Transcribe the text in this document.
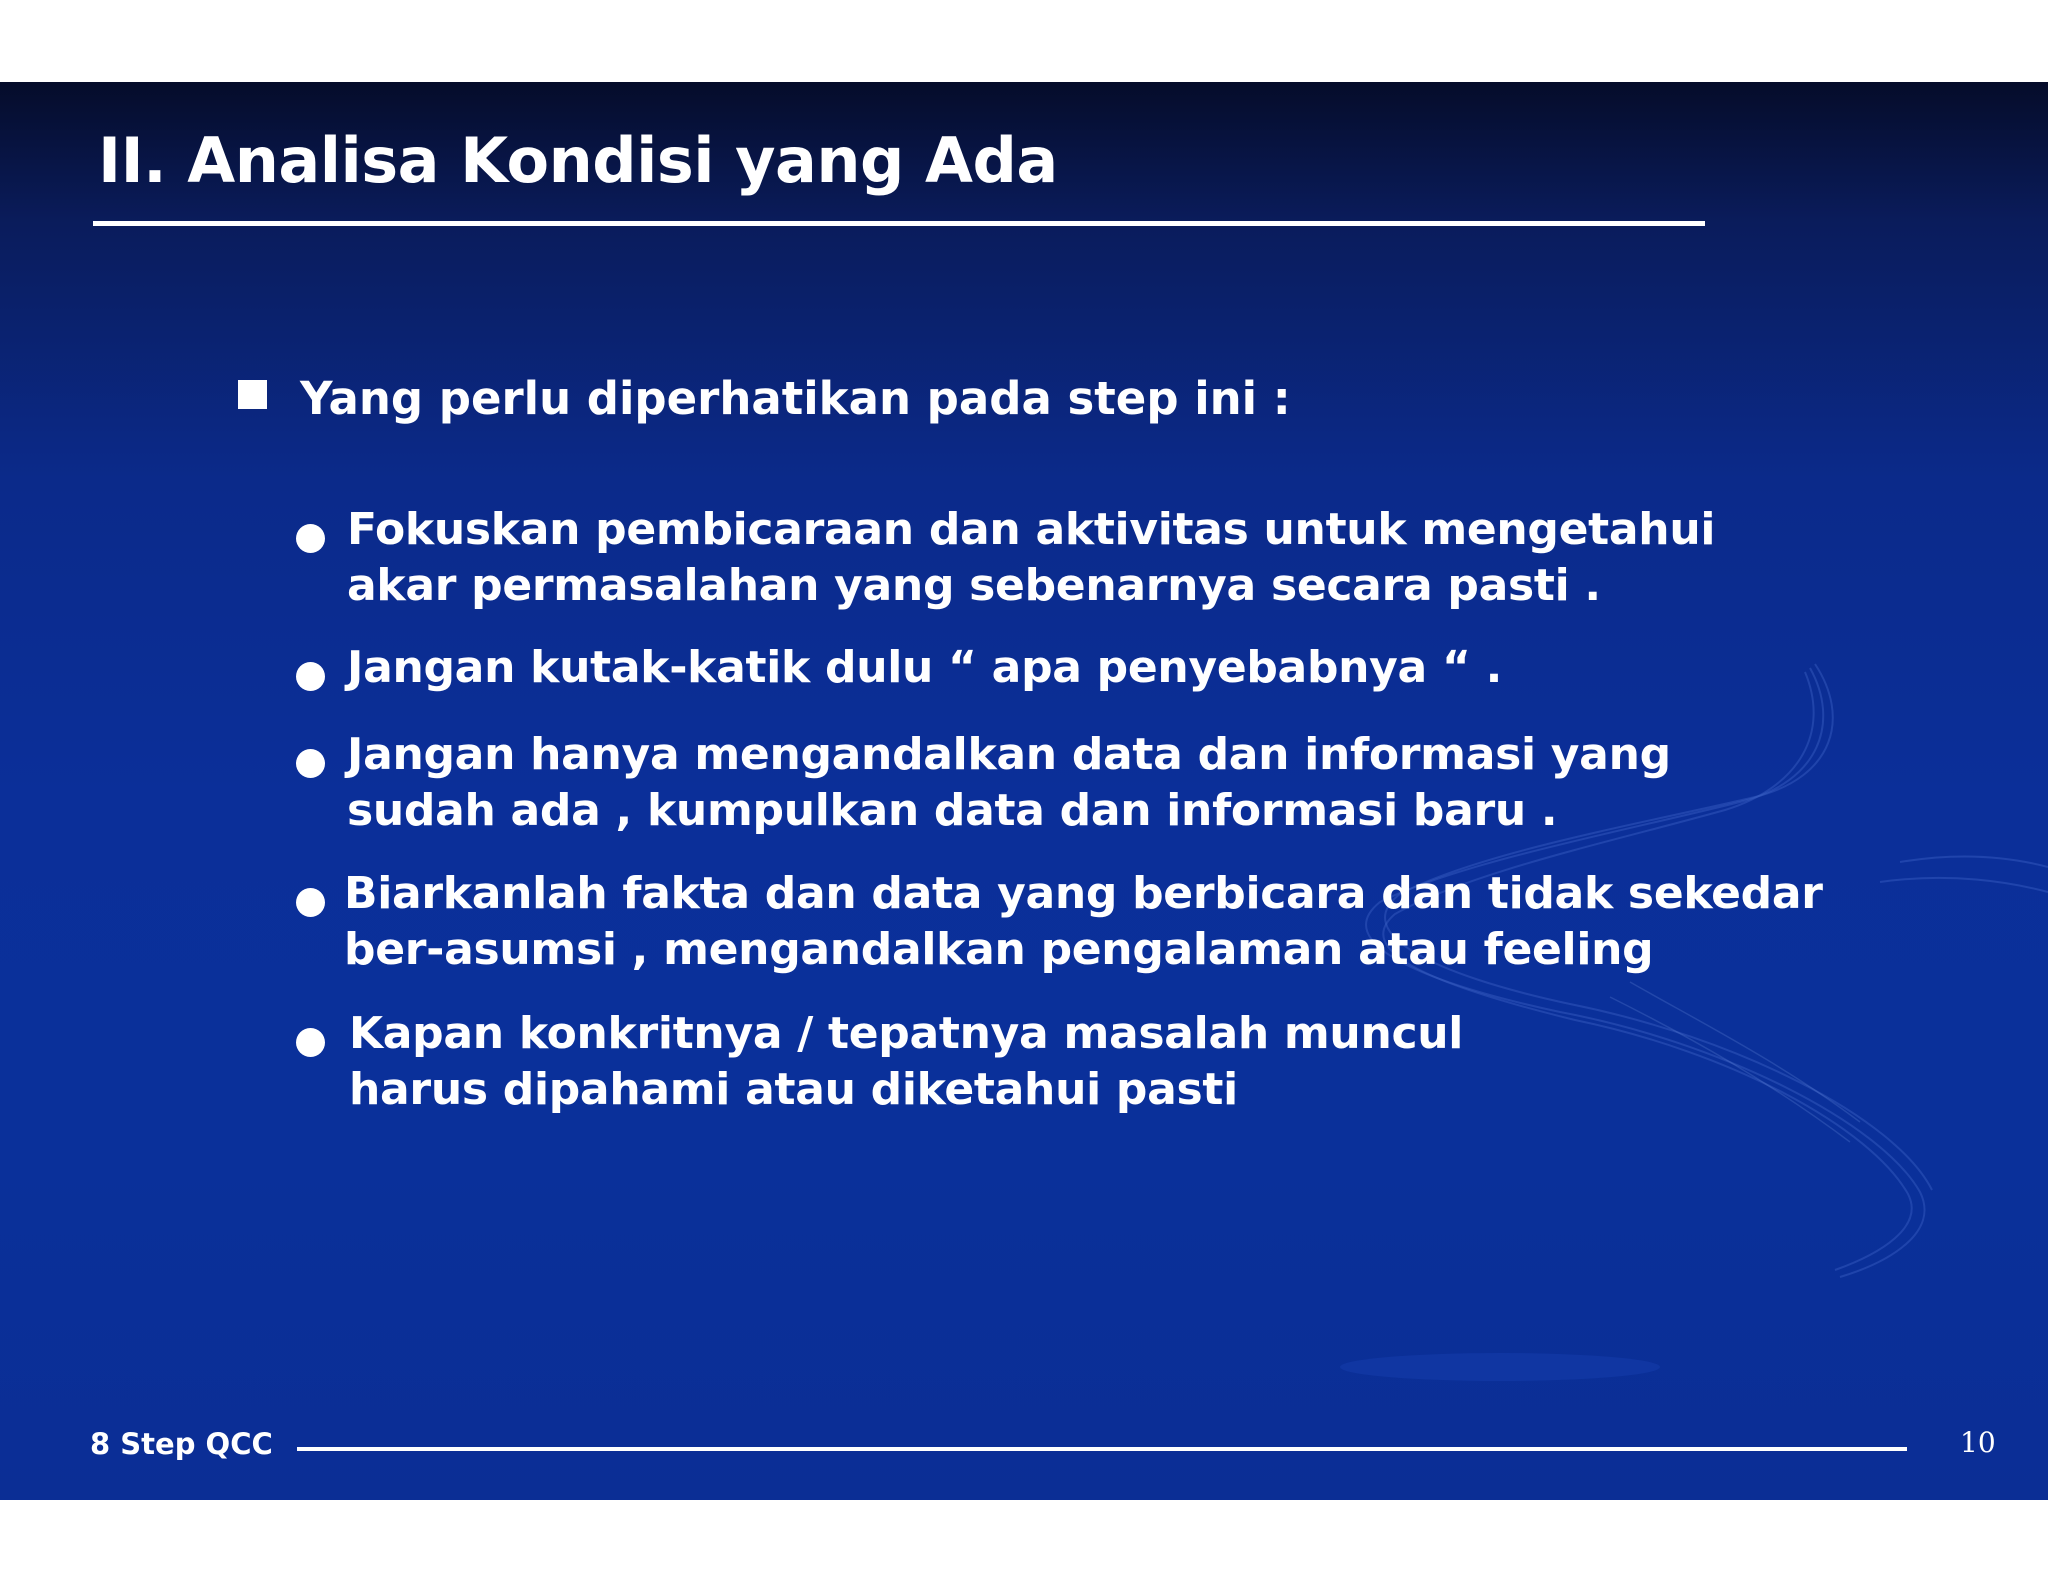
II. Analisa Kondisi yang Ada
Yang perlu diperhatikan pada step ini :
Fokuskan pembicaraan dan aktivitas untuk mengetahui
akar permasalahan yang sebenarnya secara pasti .
Jangan kutak-katik dulu “ apa penyebabnya “ .
Jangan hanya mengandalkan data dan informasi yang
sudah ada , kumpulkan data dan informasi baru .
Biarkanlah fakta dan data yang berbicara dan tidak sekedar
ber-asumsi , mengandalkan pengalaman atau feeling
Kapan konkritnya / tepatnya masalah muncul
harus dipahami atau diketahui pasti
8 Step QCC	10
